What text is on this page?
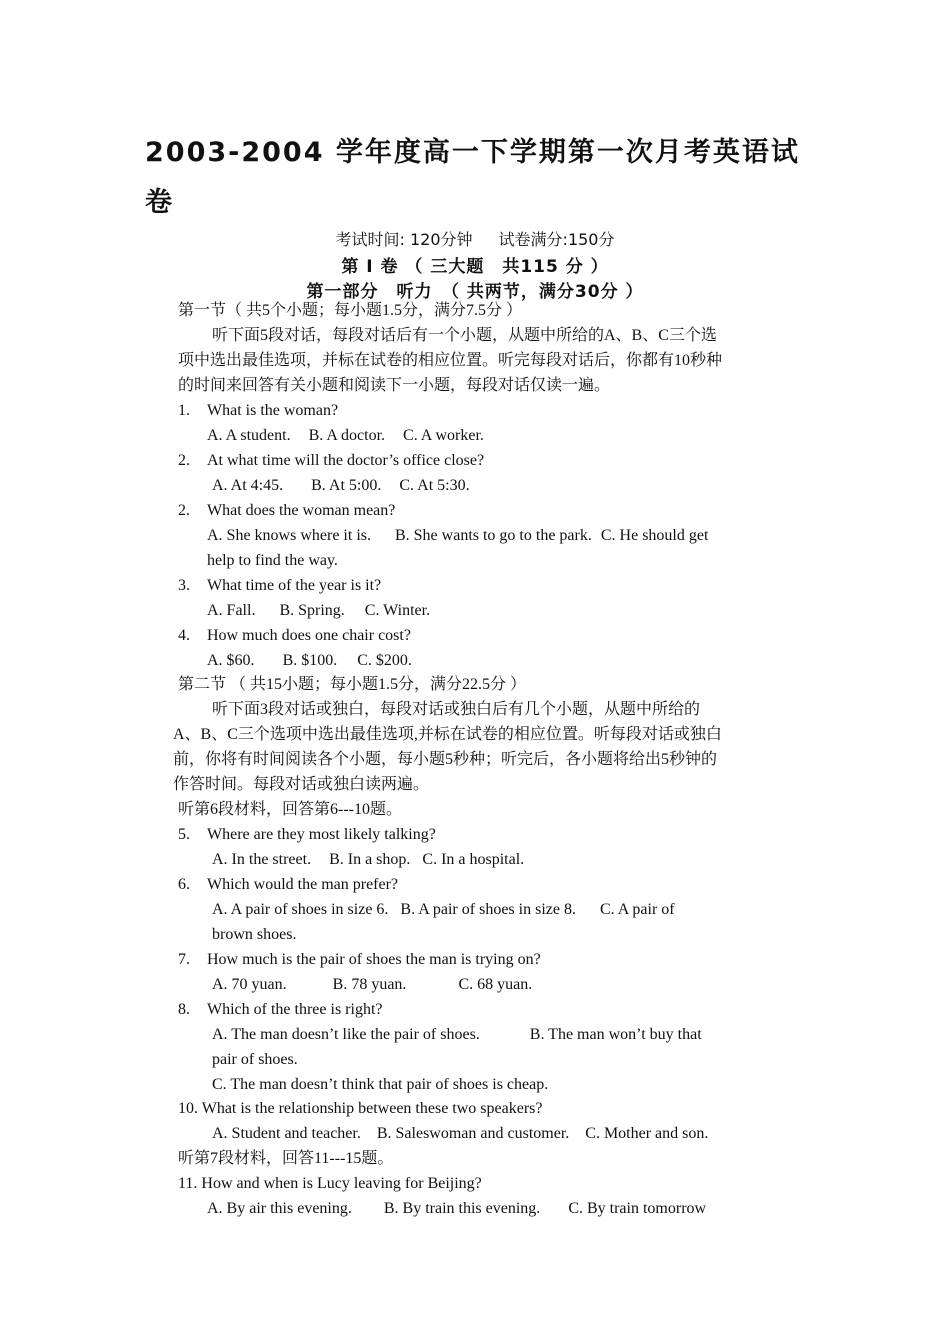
2003-2004 学年度高一下学期第一次月考英语试
卷
考试时间: 120分钟 试卷满分:150分
第 Ⅰ 卷 （ 三大题　共115 分 ）
第一部分　听力　（ 共两节，满分30分 ）
第一节（ 共5个小题；每小题1.5分，满分7.5分 ）
听下面5段对话，每段对话后有一个小题，从题中所给的A、B、C三个选
项中选出最佳选项，并标在试卷的相应位置。听完每段对话后，你都有10秒种
的时间来回答有关小题和阅读下一小题，每段对话仅读一遍。
1. What is the woman?
A. A student. B. A doctor. C. A worker.
2. At what time will the doctor’s office close?
A. At 4:45. B. At 5:00. C. At 5:30.
2. What does the woman mean?
A. She knows where it is. B. She wants to go to the park. C. He should get
help to find the way.
3. What time of the year is it?
A. Fall. B. Spring. C. Winter.
4. How much does one chair cost?
A. $60. B. $100. C. $200.
第二节 （ 共15小题；每小题1.5分，满分22.5分 ）
听下面3段对话或独白，每段对话或独白后有几个小题，从题中所给的
A、B、C三个选项中选出最佳选项,并标在试卷的相应位置。听每段对话或独白
前，你将有时间阅读各个小题，每小题5秒种；听完后，各小题将给出5秒钟的
作答时间。每段对话或独白读两遍。
听第6段材料，回答第6---10题。
5. Where are they most likely talking?
A. In the street. B. In a shop. C. In a hospital.
6. Which would the man prefer?
A. A pair of shoes in size 6. B. A pair of shoes in size 8. C. A pair of
brown shoes.
7. How much is the pair of shoes the man is trying on?
A. 70 yuan.	B. 78 yuan.	C. 68 yuan.
8. Which of the three is right?
A. The man doesn’t like the pair of shoes.	B. The man won’t buy that
pair of shoes.
C. The man doesn’t think that pair of shoes is cheap.
10. What is the relationship between these two speakers?
A. Student and teacher. B. Saleswoman and customer. C. Mother and son.
听第7段材料，回答11---15题。
11. How and when is Lucy leaving for Beijing?
A. By air this evening. B. By train this evening. C. By train tomorrow
